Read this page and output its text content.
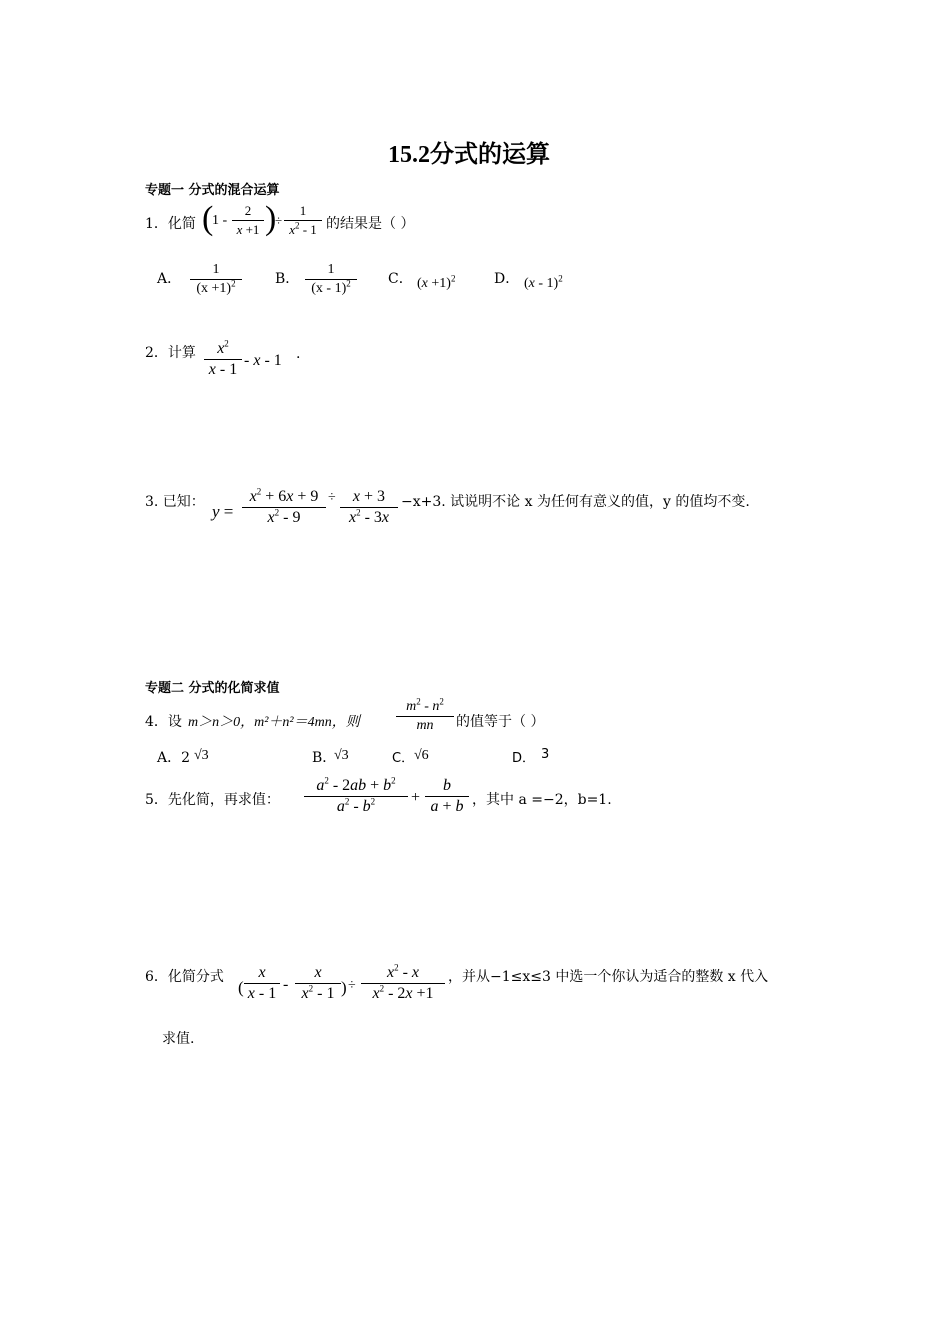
15.2分式的运算
专题一 分式的混合运算
1．化简 (
1 -
2
x +1 )
÷
1
$x^2 - 1$ 的结果是（ ）
A．
1
$(x +1)^2$	B．
1
(x - 1)$^2$	C． $(x +1)^2$	D． (x - 1)$^2$
2．计算	$x^2$
x - 1
- x - 1 .
3. 已知： y =
$x^2 + 6x + 9$
$x^2 - 9$
÷	x + 3
$x^2 - 3x$
−x+3. 试说明不论 x 为任何有意义的值，y 的值均不变.
专题二 分式的化简求值
4．设 m＞n＞0，m²＋n²＝4mn，则
$m^2 - n^2$
mn	的值等于（ ）
A．2 √3	B．
√3	C． √6	D． 3
5．先化简，再求值：
$a^2 - 2ab + b^2$
$a^2 - b^2$	+
b
a + b ，其中 a =−2，b=1.
6．化简分式
(
x
x - 1
-
x
$x^2 - 1$ ) ÷
$x^2$ - x
$x^2 - 2x +1$
，并从−1≤x≤3 中选一个你认为适合的整数 x 代入
求值.
